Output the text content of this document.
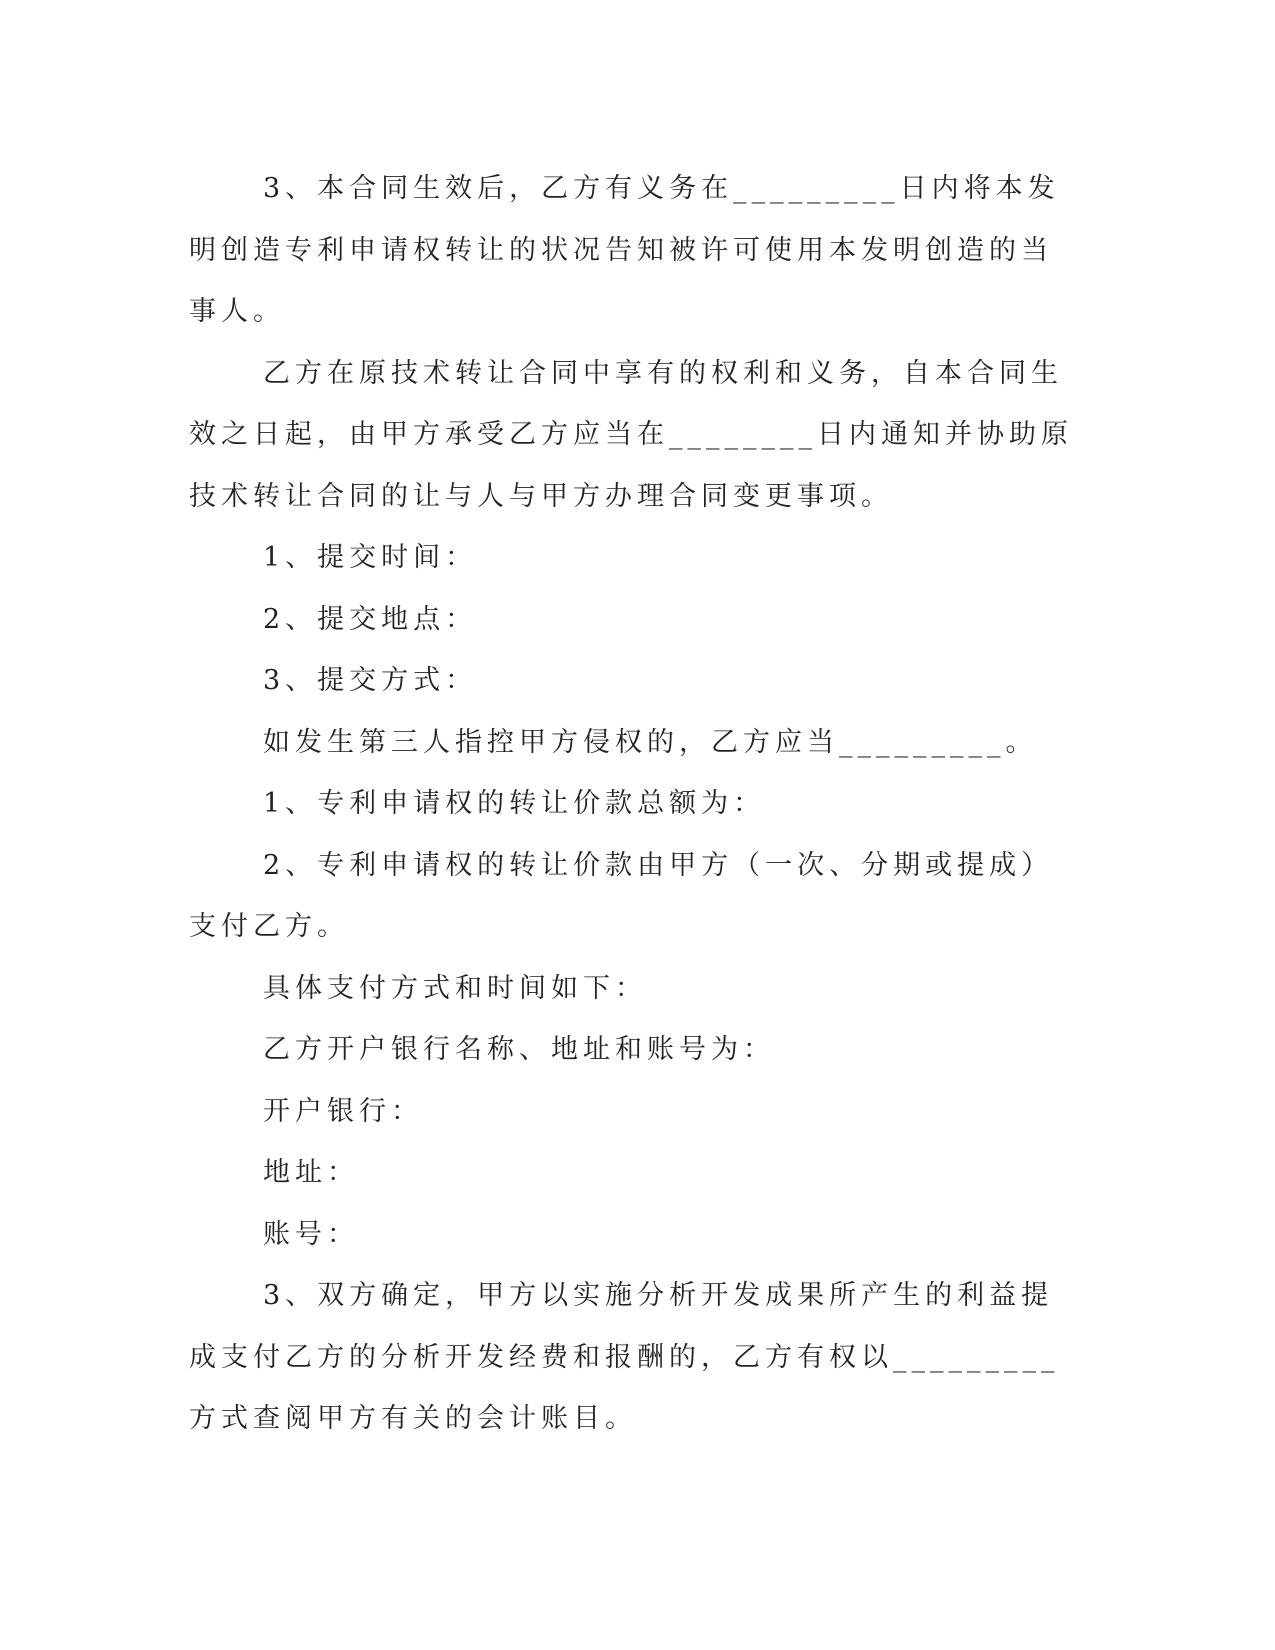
3、本合同生效后，乙方有义务在_________日内将本发明创造专利申请权转让的状况告知被许可使用本发明创造的当事人。

乙方在原技术转让合同中享有的权利和义务，自本合同生效之日起，由甲方承受乙方应当在________日内通知并协助原技术转让合同的让与人与甲方办理合同变更事项。

1、提交时间：

2、提交地点：

3、提交方式：

如发生第三人指控甲方侵权的，乙方应当_________。

1、专利申请权的转让价款总额为：

2、专利申请权的转让价款由甲方（一次、分期或提成）支付乙方。

具体支付方式和时间如下：

乙方开户银行名称、地址和账号为：

开户银行：

地址：

账号：

3、双方确定，甲方以实施分析开发成果所产生的利益提成支付乙方的分析开发经费和报酬的，乙方有权以_________方式查阅甲方有关的会计账目。
